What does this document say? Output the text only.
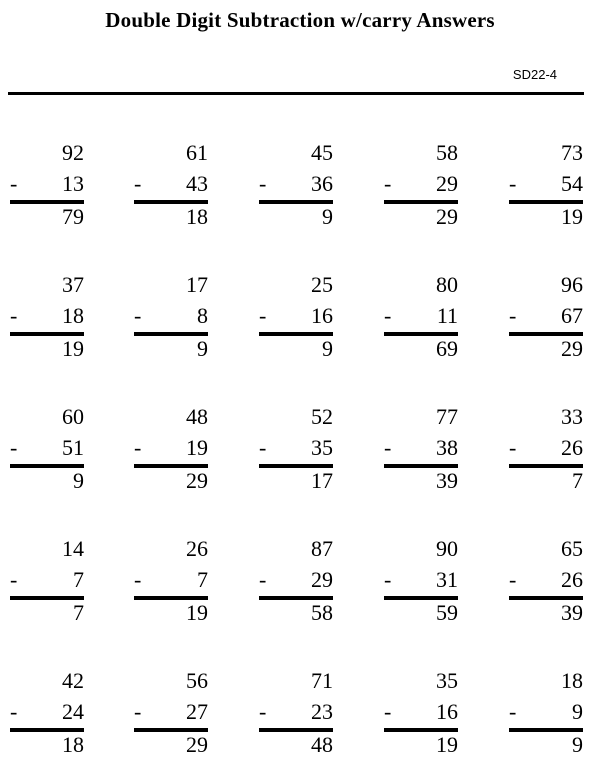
Double Digit Subtraction w/carry Answers
SD22-4
92
-	13
79
61
-	43
18
45
-	36
9
58
-	29
29
73
-	54
19
37
-	18
19
17
-	8
9
25
-	16
9
80
-	11
69
96
-	67
29
60
-	51
9
48
-	19
29
52
-	35
17
77
-	38
39
33
-	26
7
14
-	7
7
26
-	7
19
87
-	29
58
90
-	31
59
65
-	26
39
42
-	24
18
56
-	27
29
71
-	23
48
35
-	16
19
18
-	9
9
